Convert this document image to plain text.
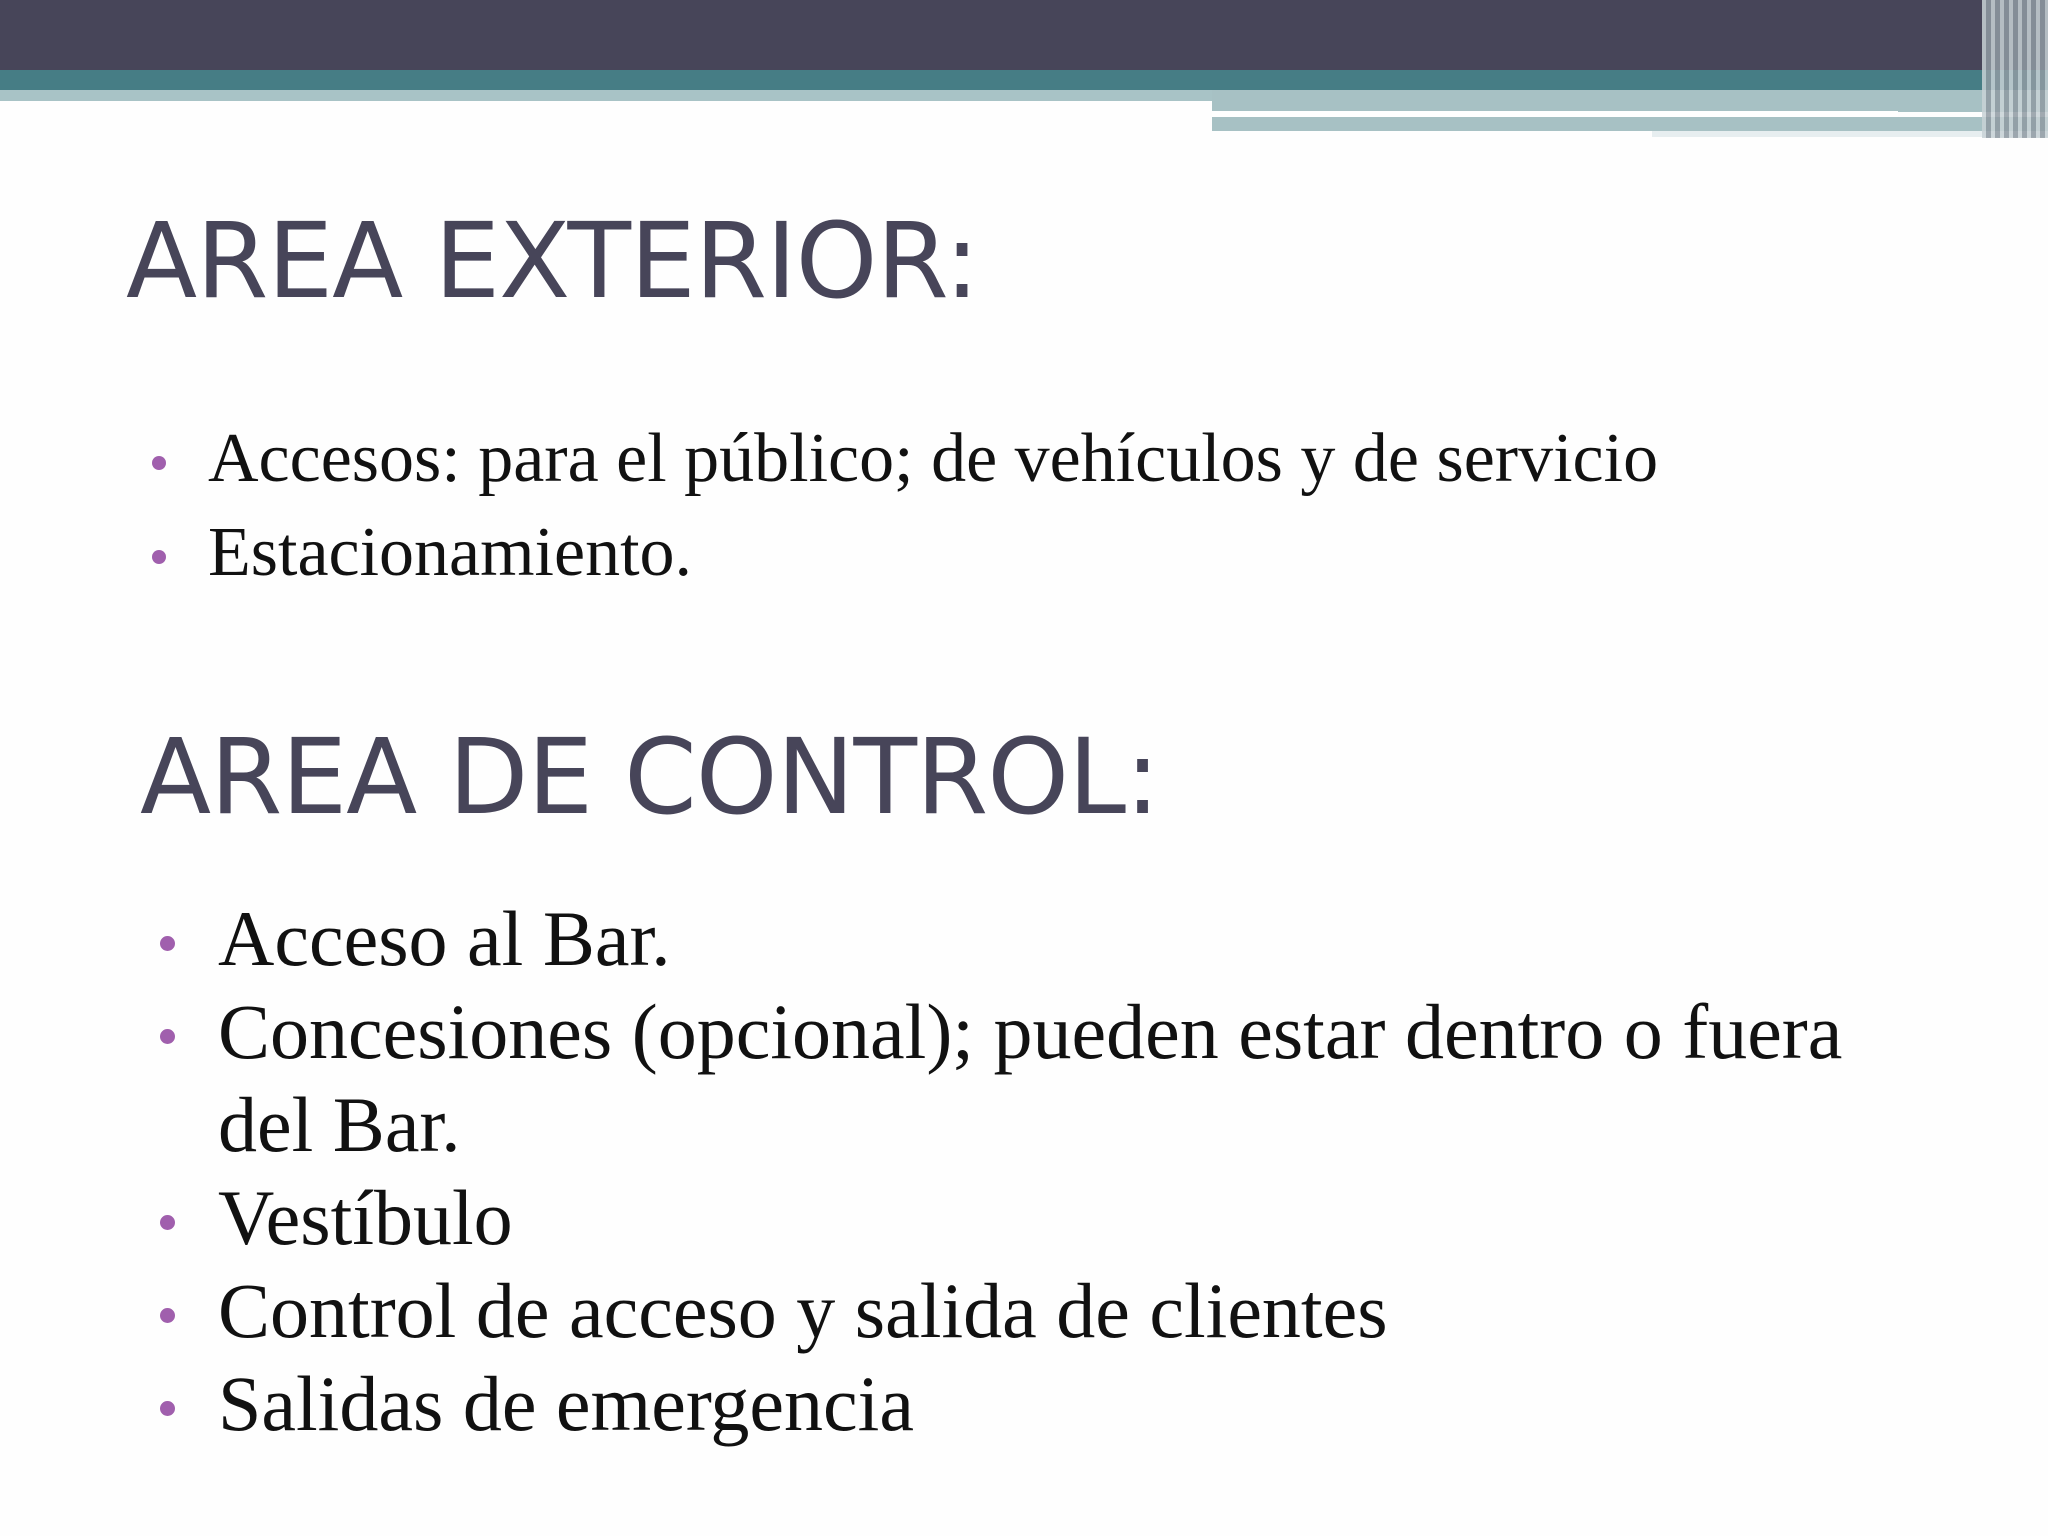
AREA EXTERIOR:
Accesos: para el público; de vehículos y de servicio
Estacionamiento.
AREA DE CONTROL:
Acceso al Bar.
Concesiones (opcional); pueden estar dentro o fuera del Bar.
Vestíbulo
Control de acceso y salida de clientes
Salidas de emergencia
